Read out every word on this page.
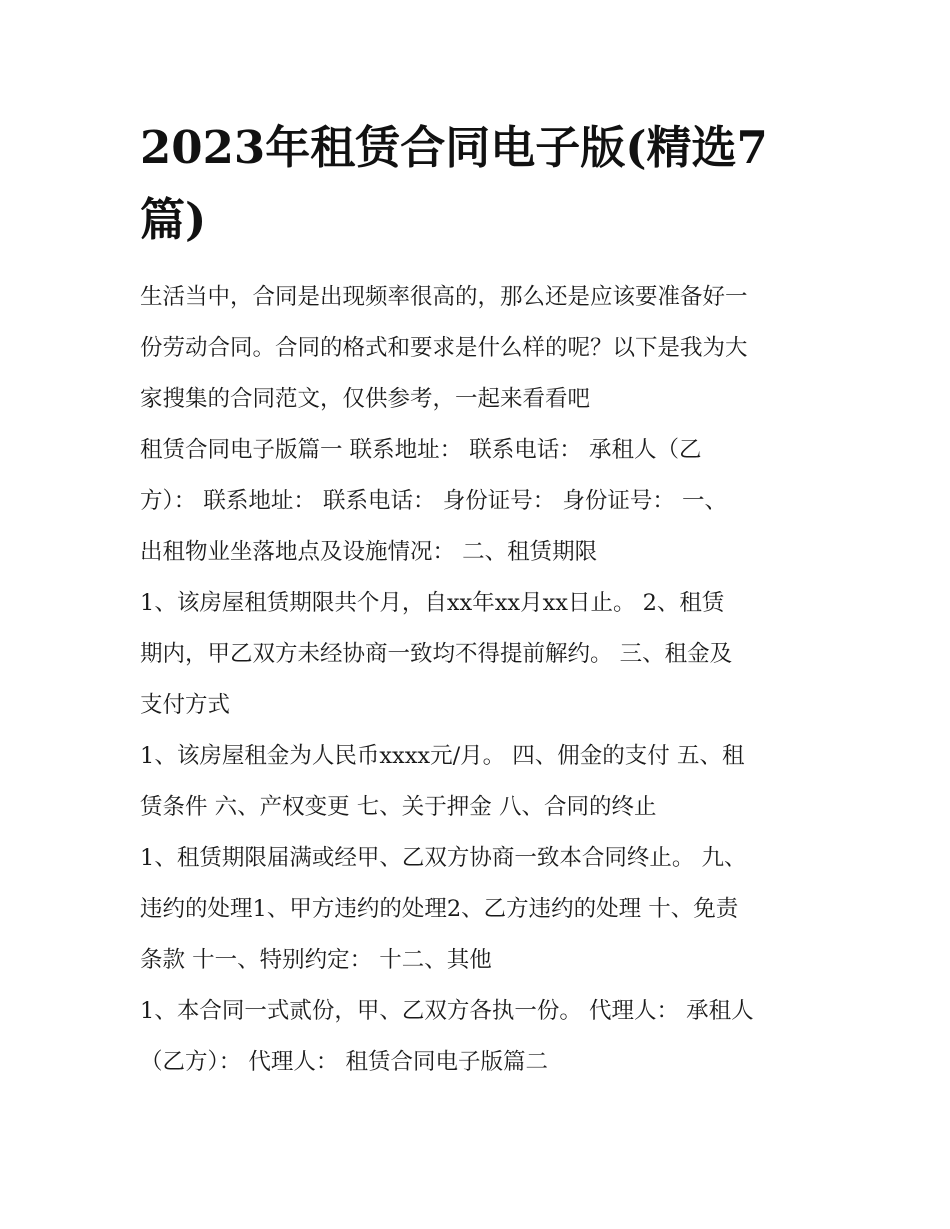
2023年租赁合同电子版(精选7
篇)

生活当中，合同是出现频率很高的，那么还是应该要准备好一
份劳动合同。合同的格式和要求是什么样的呢？以下是我为大
家搜集的合同范文，仅供参考，一起来看看吧

租赁合同电子版篇一 联系地址： 联系电话： 承租人（乙
方）： 联系地址： 联系电话： 身份证号： 身份证号： 一、
出租物业坐落地点及设施情况： 二、租赁期限

1、该房屋租赁期限共个月，自xx年xx月xx日止。 2、租赁
期内，甲乙双方未经协商一致均不得提前解约。 三、租金及
支付方式

1、该房屋租金为人民币xxxx元/月。 四、佣金的支付 五、租
赁条件 六、产权变更 七、关于押金 八、合同的终止

1、租赁期限届满或经甲、乙双方协商一致本合同终止。 九、
违约的处理1、甲方违约的处理2、乙方违约的处理 十、免责
条款 十一、特别约定： 十二、其他

1、本合同一式贰份，甲、乙双方各执一份。 代理人： 承租人
（乙方）： 代理人： 租赁合同电子版篇二
